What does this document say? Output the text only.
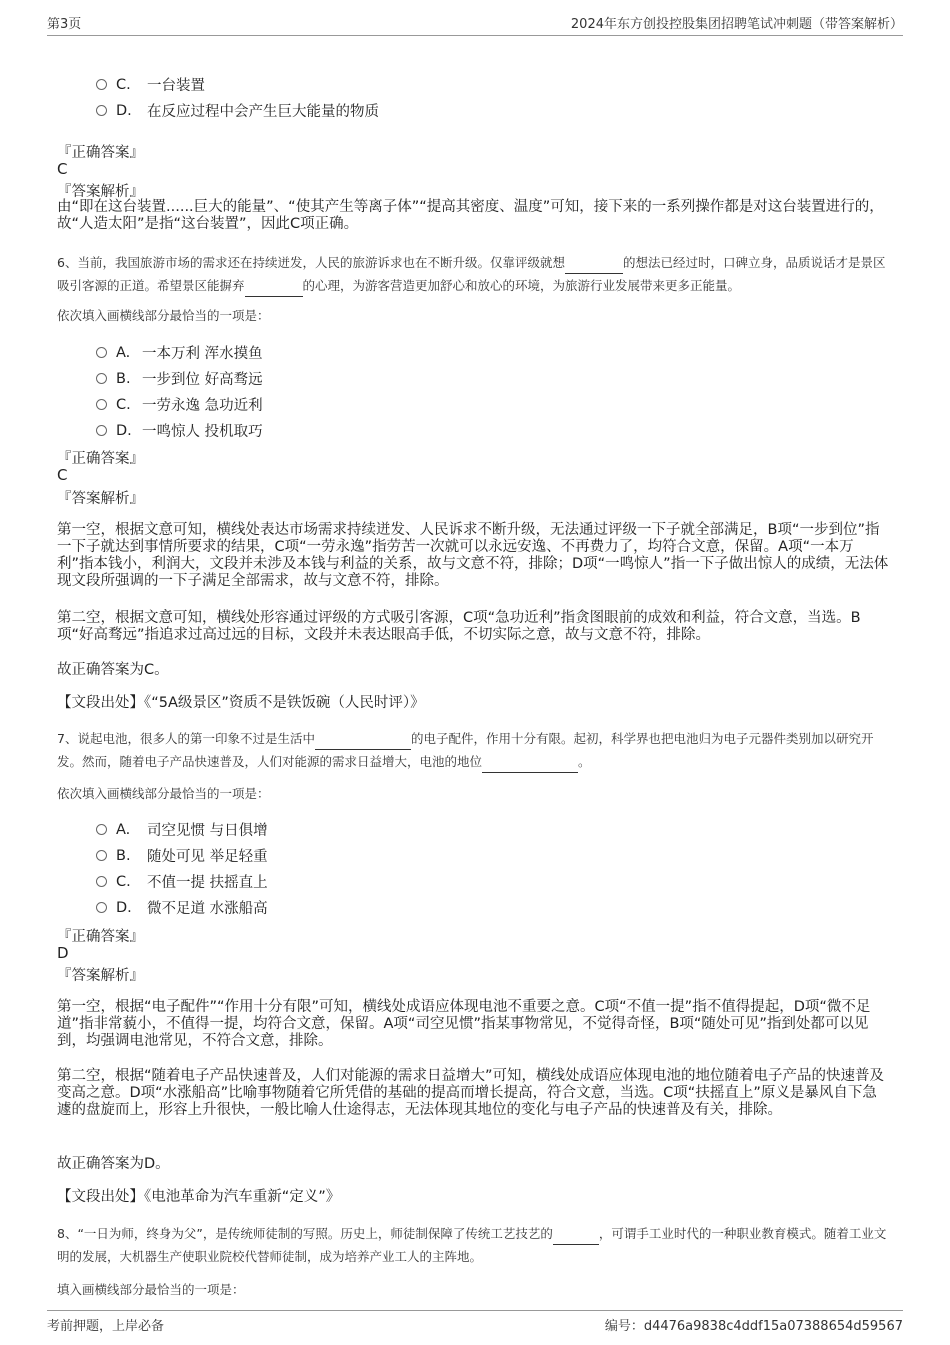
第3页	2024年东方创投控股集团招聘笔试冲刺题（带答案解析）
C.	一台装置
D.	在反应过程中会产生巨大能量的物质
『正确答案』
C
『答案解析』
由“即在这台装置......巨大的能量”、“使其产生等离子体”“提高其密度、温度”可知，接下来的一系列操作都是对这台装置进行的，故“人造太阳”是指“这台装置”，因此C项正确。
6、当前，我国旅游市场的需求还在持续迸发，人民的旅游诉求也在不断升级。仅靠评级就想	的想法已经过时，口碑立身，品质说话才是景区吸引客源的正道。希望景区能摒弃	的心理，为游客营造更加舒心和放心的环境，为旅游行业发展带来更多正能量。
依次填入画横线部分最恰当的一项是：
A. 一本万利 浑水摸鱼
B. 一步到位 好高骛远
C. 一劳永逸 急功近利
D. 一鸣惊人 投机取巧
『正确答案』
C
『答案解析』
第一空，根据文意可知，横线处表达市场需求持续迸发、人民诉求不断升级，无法通过评级一下子就全部满足，B项“一步到位”指一下子就达到事情所要求的结果，C项“一劳永逸”指劳苦一次就可以永远安逸、不再费力了，均符合文意，保留。A项“一本万利”指本钱小，利润大，文段并未涉及本钱与利益的关系，故与文意不符，排除；D项“一鸣惊人”指一下子做出惊人的成绩，无法体现文段所强调的一下子满足全部需求，故与文意不符，排除。
第二空，根据文意可知，横线处形容通过评级的方式吸引客源，C项“急功近利”指贪图眼前的成效和利益，符合文意，当选。B项“好高骛远”指追求过高过远的目标，文段并未表达眼高手低，不切实际之意，故与文意不符，排除。
故正确答案为C。
【文段出处】《“5A级景区”资质不是铁饭碗（人民时评）》
7、说起电池，很多人的第一印象不过是生活中	的电子配件，作用十分有限。起初，科学界也把电池归为电子元器件类别加以研究开发。然而，随着电子产品快速普及，人们对能源的需求日益增大，电池的地位	。
依次填入画横线部分最恰当的一项是：
A.	司空见惯 与日俱增
B.	随处可见 举足轻重
C.	不值一提 扶摇直上
D.	微不足道 水涨船高
『正确答案』
D
『答案解析』
第一空，根据“电子配件”“作用十分有限”可知，横线处成语应体现电池不重要之意。C项“不值一提”指不值得提起，D项“微不足道”指非常藐小，不值得一提，均符合文意，保留。A项“司空见惯”指某事物常见，不觉得奇怪，B项“随处可见”指到处都可以见到，均强调电池常见，不符合文意，排除。
第二空，根据“随着电子产品快速普及，人们对能源的需求日益增大”可知，横线处成语应体现电池的地位随着电子产品的快速普及变高之意。D项“水涨船高”比喻事物随着它所凭借的基础的提高而增长提高，符合文意，当选。C项“扶摇直上”原义是暴风自下急遽的盘旋而上，形容上升很快，一般比喻人仕途得志，无法体现其地位的变化与电子产品的快速普及有关，排除。
故正确答案为D。
【文段出处】《电池革命为汽车重新“定义”》
8、“一日为师，终身为父”，是传统师徒制的写照。历史上，师徒制保障了传统工艺技艺的	，可谓手工业时代的一种职业教育模式。随着工业文明的发展，大机器生产使职业院校代替师徒制，成为培养产业工人的主阵地。
填入画横线部分最恰当的一项是：
考前押题，上岸必备	编号：d4476a9838c4ddf15a07388654d59567
